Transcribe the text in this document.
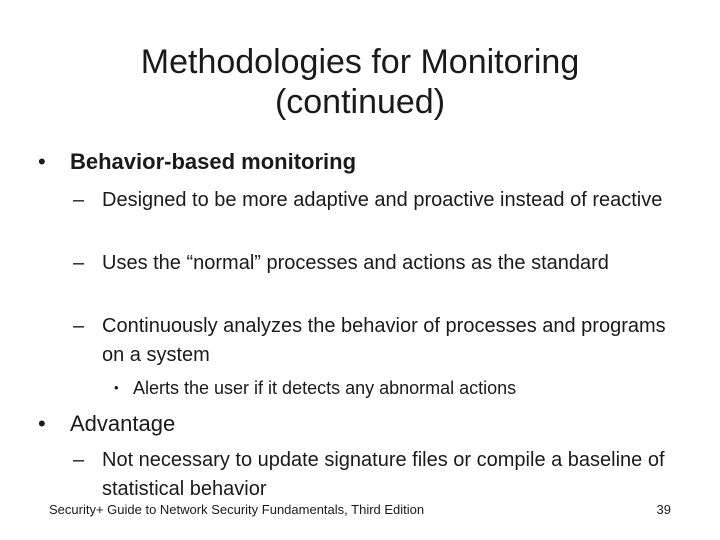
Methodologies for Monitoring
(continued)
•	Behavior-based monitoring
– Designed to be more adaptive and proactive instead of reactive
– Uses the “normal” processes and actions as the standard
– Continuously analyzes the behavior of processes and programs on a system
• Alerts the user if it detects any abnormal actions
•	Advantage
– Not necessary to update signature files or compile a baseline of statistical behavior
Security+ Guide to Network Security Fundamentals, Third Edition	39
